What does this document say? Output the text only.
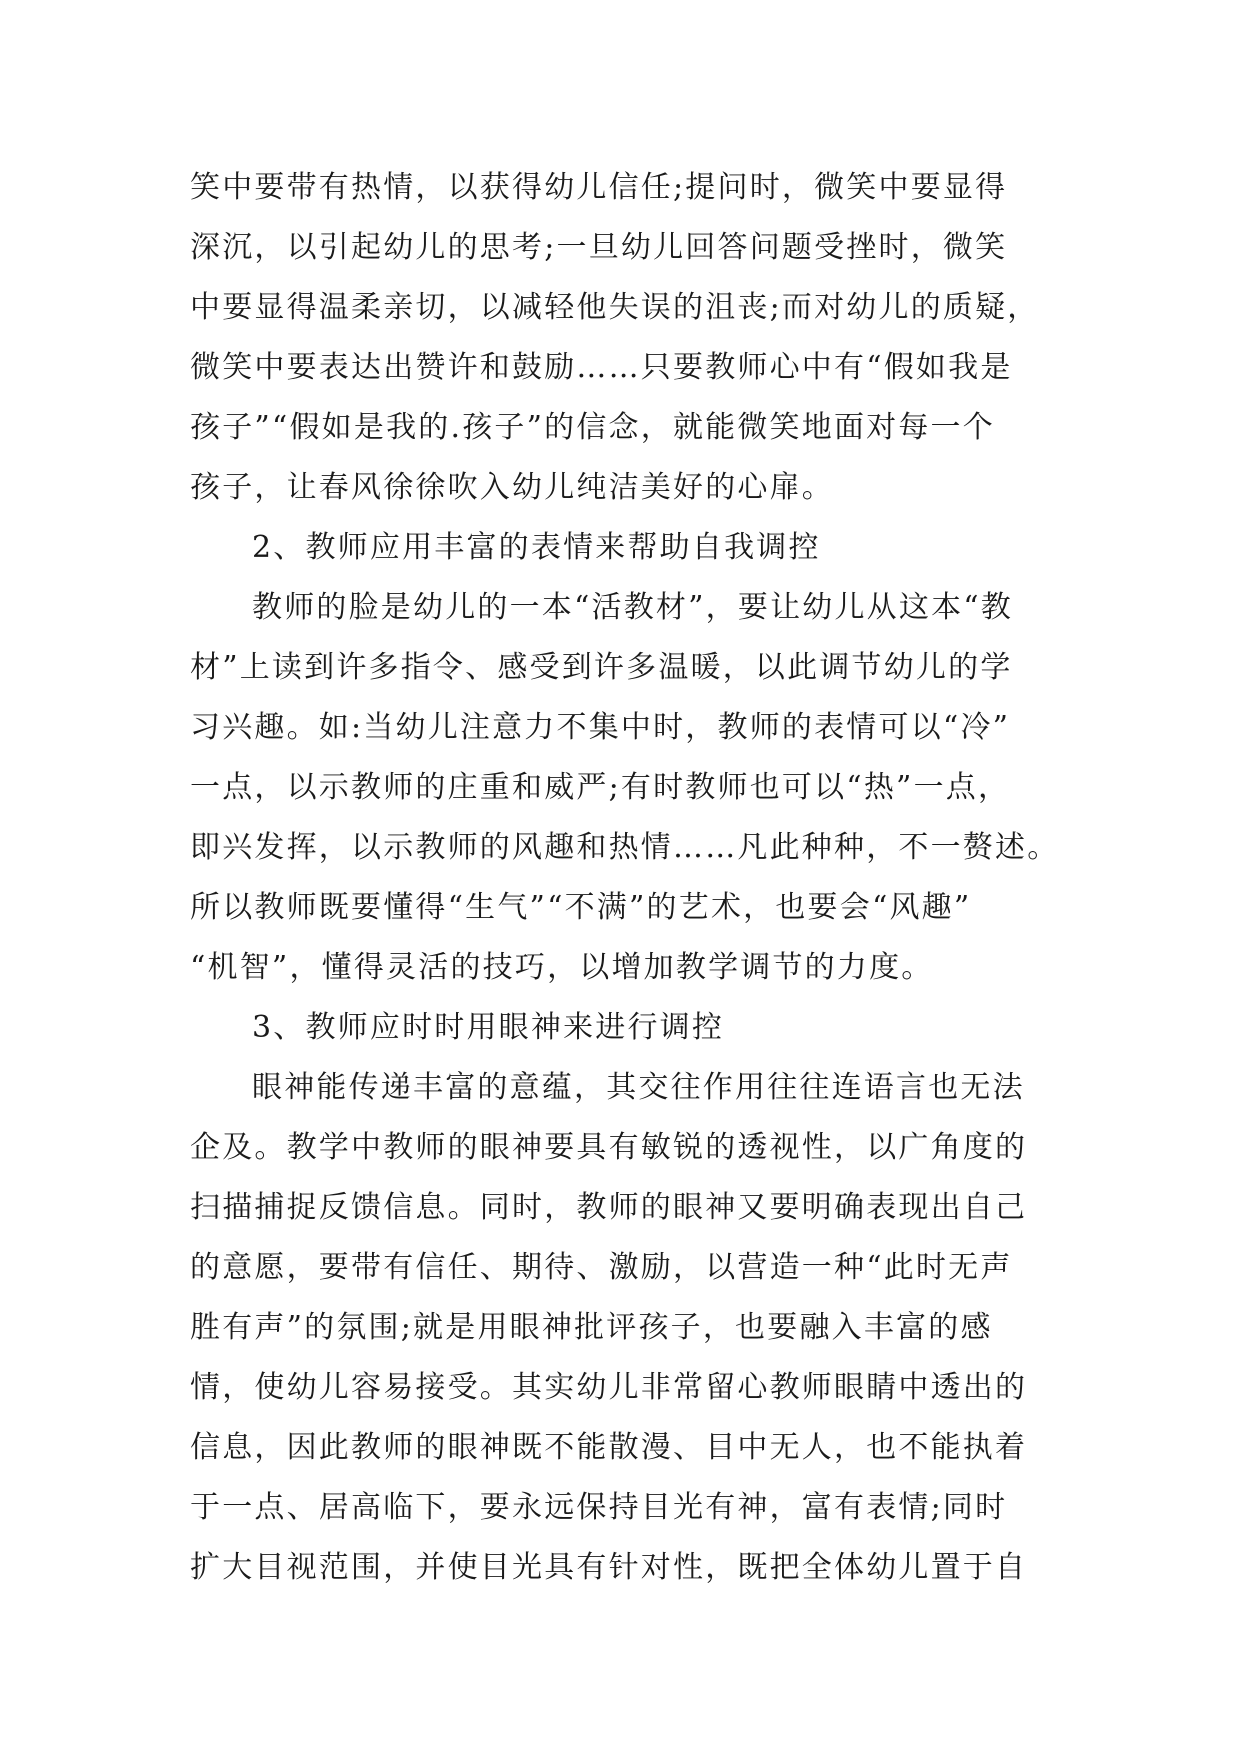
笑中要带有热情，以获得幼儿信任;提问时，微笑中要显得
深沉，以引起幼儿的思考;一旦幼儿回答问题受挫时，微笑
中要显得温柔亲切，以减轻他失误的沮丧;而对幼儿的质疑，
微笑中要表达出赞许和鼓励……只要教师心中有“假如我是
孩子”“假如是我的.孩子”的信念，就能微笑地面对每一个
孩子，让春风徐徐吹入幼儿纯洁美好的心扉。
2、教师应用丰富的表情来帮助自我调控
教师的脸是幼儿的一本“活教材”，要让幼儿从这本“教
材”上读到许多指令、感受到许多温暖，以此调节幼儿的学
习兴趣。如:当幼儿注意力不集中时，教师的表情可以“冷”
一点，以示教师的庄重和威严;有时教师也可以“热”一点，
即兴发挥，以示教师的风趣和热情……凡此种种，不一赘述。
所以教师既要懂得“生气”“不满”的艺术，也要会“风趣”
“机智”，懂得灵活的技巧，以增加教学调节的力度。
3、教师应时时用眼神来进行调控
眼神能传递丰富的意蕴，其交往作用往往连语言也无法
企及。教学中教师的眼神要具有敏锐的透视性，以广角度的
扫描捕捉反馈信息。同时，教师的眼神又要明确表现出自己
的意愿，要带有信任、期待、激励，以营造一种“此时无声
胜有声”的氛围;就是用眼神批评孩子，也要融入丰富的感
情，使幼儿容易接受。其实幼儿非常留心教师眼睛中透出的
信息，因此教师的眼神既不能散漫、目中无人，也不能执着
于一点、居高临下，要永远保持目光有神，富有表情;同时
扩大目视范围，并使目光具有针对性，既把全体幼儿置于自
